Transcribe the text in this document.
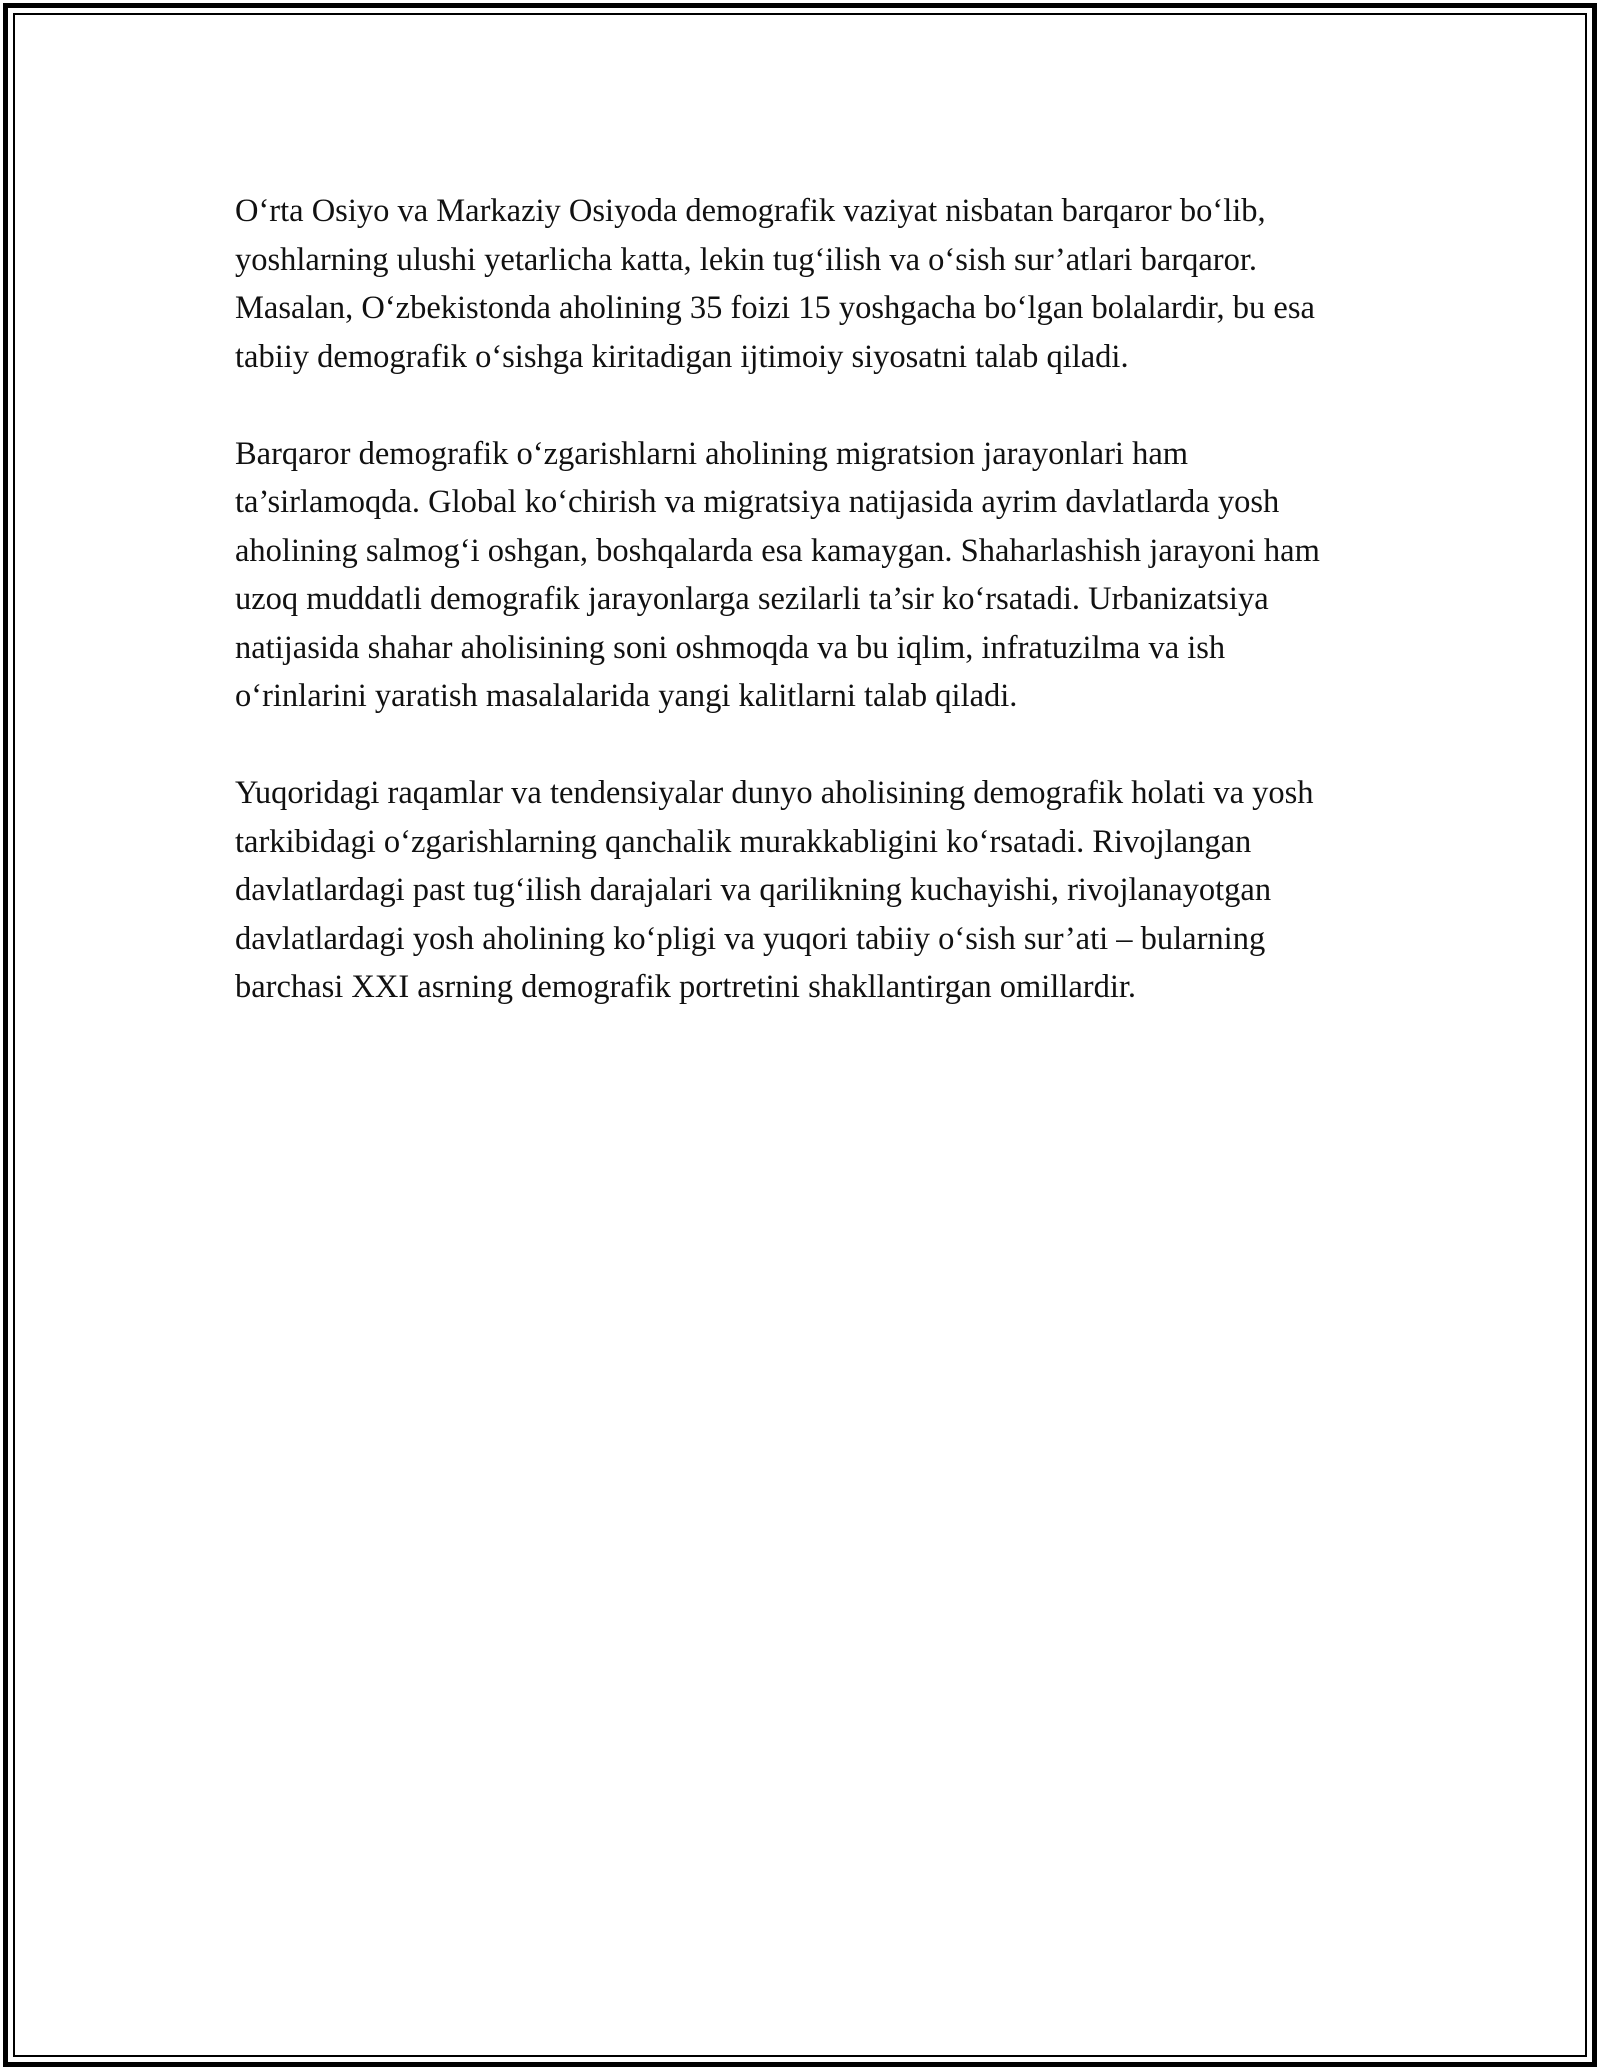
O‘rta Osiyo va Markaziy Osiyoda demografik vaziyat nisbatan barqaror bo‘lib, yoshlarning ulushi yetarlicha katta, lekin tug‘ilish va o‘sish sur’atlari barqaror. Masalan, O‘zbekistonda aholining 35 foizi 15 yoshgacha bo‘lgan bolalardir, bu esa tabiiy demografik o‘sishga kiritadigan ijtimoiy siyosatni talab qiladi.

Barqaror demografik o‘zgarishlarni aholining migratsion jarayonlari ham ta’sirlamoqda. Global ko‘chirish va migratsiya natijasida ayrim davlatlarda yosh aholining salmog‘i oshgan, boshqalarda esa kamaygan. Shaharlashish jarayoni ham uzoq muddatli demografik jarayonlarga sezilarli ta’sir ko‘rsatadi. Urbanizatsiya natijasida shahar aholisining soni oshmoqda va bu iqlim, infratuzilma va ish o‘rinlarini yaratish masalalarida yangi kalitlarni talab qiladi.

Yuqoridagi raqamlar va tendensiyalar dunyo aholisining demografik holati va yosh tarkibidagi o‘zgarishlarning qanchalik murakkabligini ko‘rsatadi. Rivojlangan davlatlardagi past tug‘ilish darajalari va qarilikning kuchayishi, rivojlanayotgan davlatlardagi yosh aholining ko‘pligi va yuqori tabiiy o‘sish sur’ati – bularning barchasi XXI asrning demografik portretini shakllantirgan omillardir.
